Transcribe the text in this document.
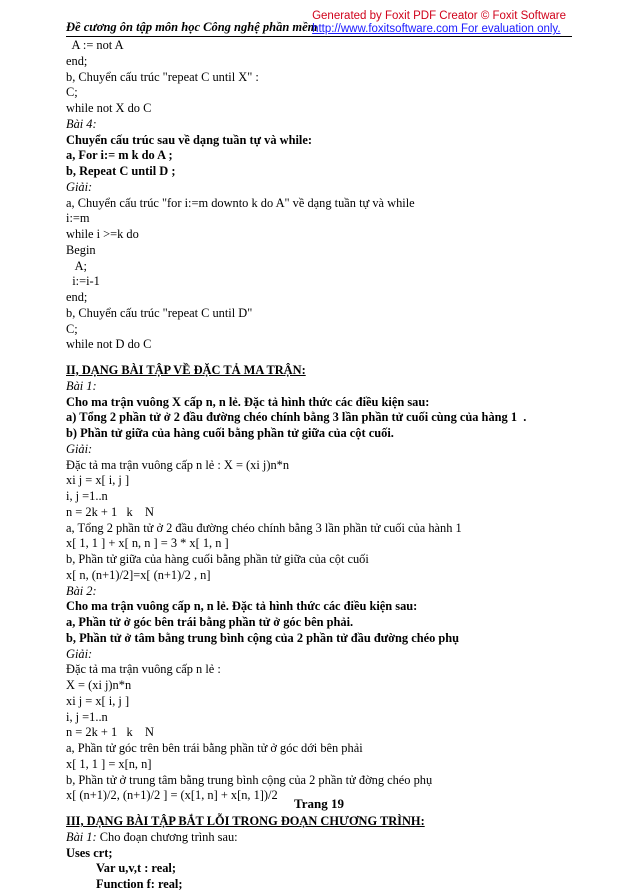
Đề cương ôn tập môn học Công nghệ phần mềm
Generated by Foxit PDF Creator © Foxit Software
http://www.foxitsoftware.com For evaluation only.
A := not A
end;
b, Chuyển cấu trúc "repeat C until X" :
C;
while not X do C
Bài 4:
Chuyển cấu trúc sau về dạng tuần tự và while:
a, For i:= m k do A ;
b, Repeat C until D ;
Giải:
a, Chuyển cấu trúc "for i:=m downto k do A" về dạng tuần tự và while
i:=m
while i >=k do
Begin
A;
i:=i-1
end;
b, Chuyển cấu trúc "repeat C until D"
C;
while not D do C
II, DẠNG BÀI TẬP VỀ ĐẶC TẢ MA TRẬN:
Bài 1:
Cho ma trận vuông X cấp n, n lẻ. Đặc tả hình thức các điều kiện sau:
a) Tổng 2 phần tử ở 2 đầu đường chéo chính bằng 3 lần phần tử cuối cùng của hàng 1  .
b) Phần tử giữa của hàng cuối bằng phần tử giữa của cột cuối.
Giải:
Đặc tả ma trận vuông cấp n lẻ : X = (xi j)n*n
xi j = x[ i, j ]
i, j =1..n
n = 2k + 1   k    N
a, Tổng 2 phần tử ở 2 đầu đường chéo chính bằng 3 lần phần tử cuối của hành 1
x[ 1, 1 ] + x[ n, n ] = 3 * x[ 1, n ]
b, Phần tử giữa của hàng cuối bằng phần tử giữa của cột cuối
x[ n, (n+1)/2]=x[ (n+1)/2 , n]
Bài 2:
Cho ma trận vuông cấp n, n lẻ. Đặc tả hình thức các điều kiện sau:
a, Phần tử ở góc bên trái bằng phần tử ở góc bên phải.
b, Phần tử ở tâm bằng trung bình cộng của 2 phần tử đầu đường chéo phụ
Giải:
Đặc tả ma trận vuông cấp n lẻ :
X = (xi j)n*n
xi j = x[ i, j ]
i, j =1..n
n = 2k + 1   k    N
a, Phần tử góc trên bên trái bằng phần tử ở góc dới bên phải
x[ 1, 1 ] = x[n, n]
b, Phần tử ở trung tâm bằng trung bình cộng của 2 phần tử đờng chéo phụ
x[ (n+1)/2, (n+1)/2 ] = (x[1, n] + x[n, 1])/2
III, DẠNG BÀI TẬP BẮT LỖI TRONG ĐOẠN CHƯƠNG TRÌNH:
Bài 1: Cho đoạn chương trình sau:
Uses crt;
Var u,v,t : real;
Function f: real;
Trang 19
